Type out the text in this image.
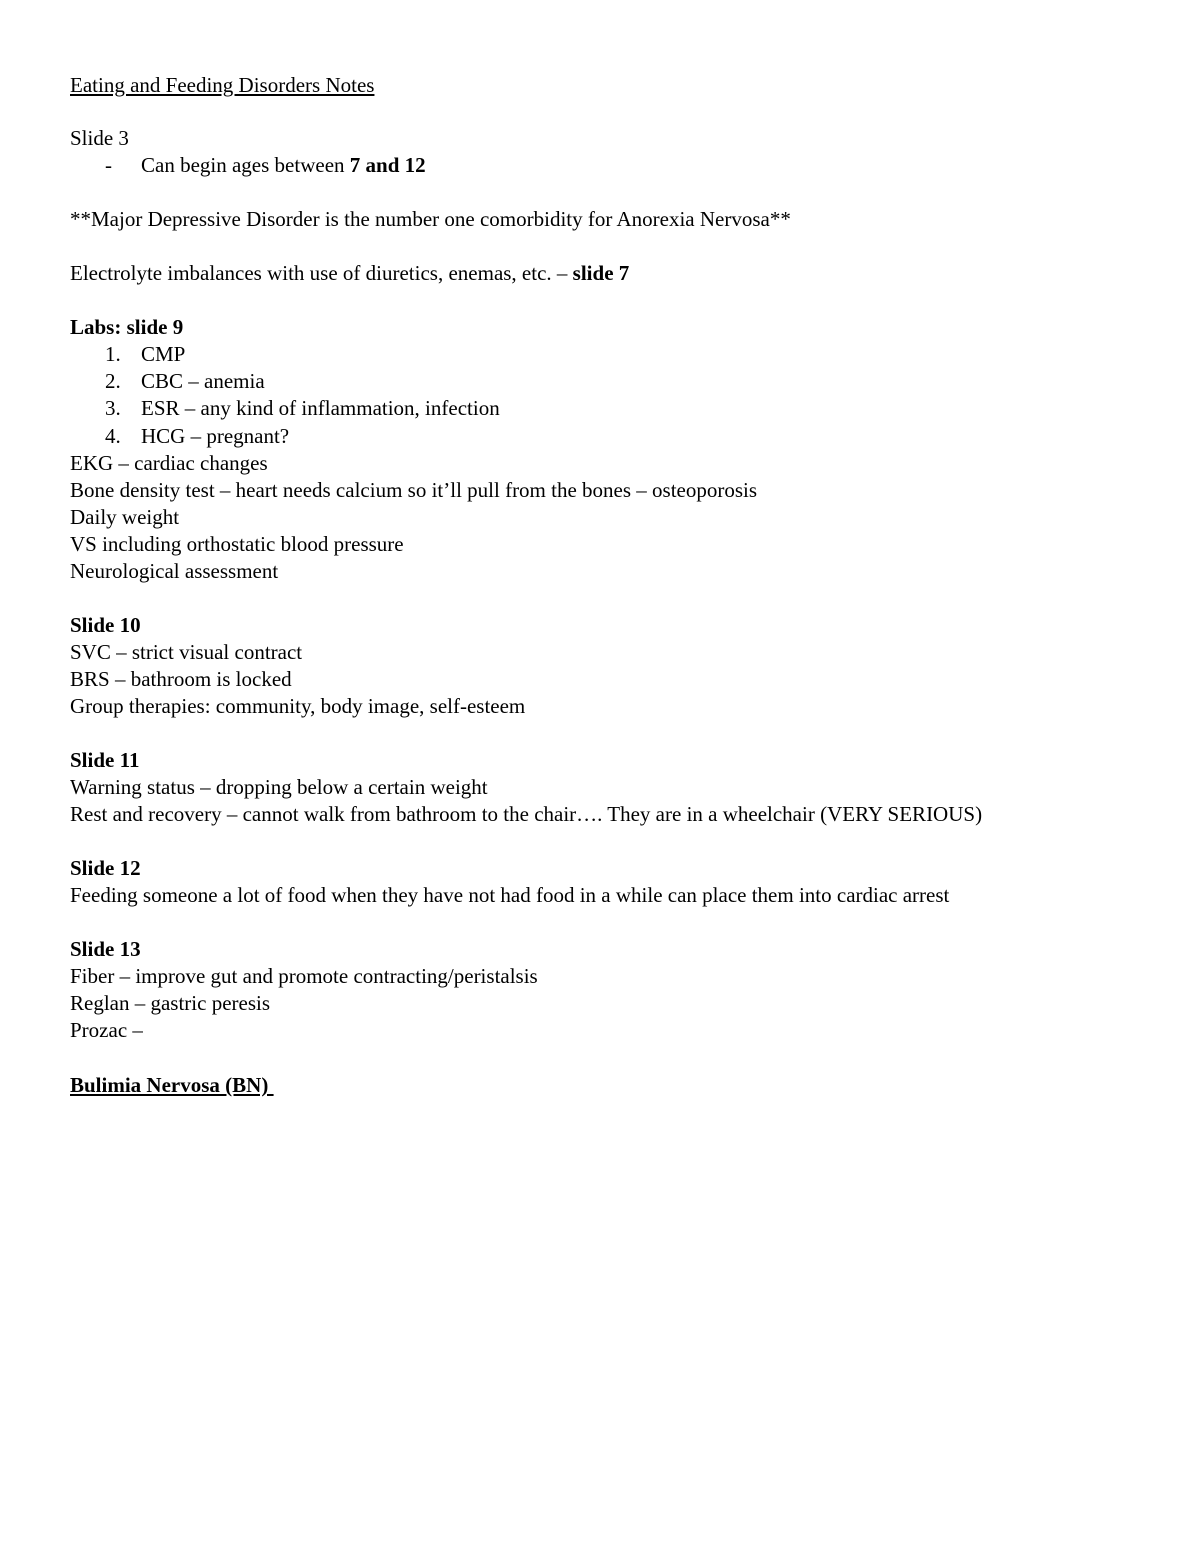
Eating and Feeding Disorders Notes
Slide 3
- Can begin ages between 7 and 12
**Major Depressive Disorder is the number one comorbidity for Anorexia Nervosa**
Electrolyte imbalances with use of diuretics, enemas, etc. – slide 7
Labs: slide 9
1. CMP
2. CBC – anemia
3. ESR – any kind of inflammation, infection
4. HCG – pregnant?
EKG – cardiac changes
Bone density test – heart needs calcium so it’ll pull from the bones – osteoporosis
Daily weight
VS including orthostatic blood pressure
Neurological assessment
Slide 10
SVC – strict visual contract
BRS – bathroom is locked
Group therapies: community, body image, self-esteem
Slide 11
Warning status – dropping below a certain weight
Rest and recovery – cannot walk from bathroom to the chair…. They are in a wheelchair (VERY SERIOUS)
Slide 12
Feeding someone a lot of food when they have not had food in a while can place them into cardiac arrest
Slide 13
Fiber – improve gut and promote contracting/peristalsis
Reglan – gastric peresis
Prozac –
Bulimia Nervosa (BN)
